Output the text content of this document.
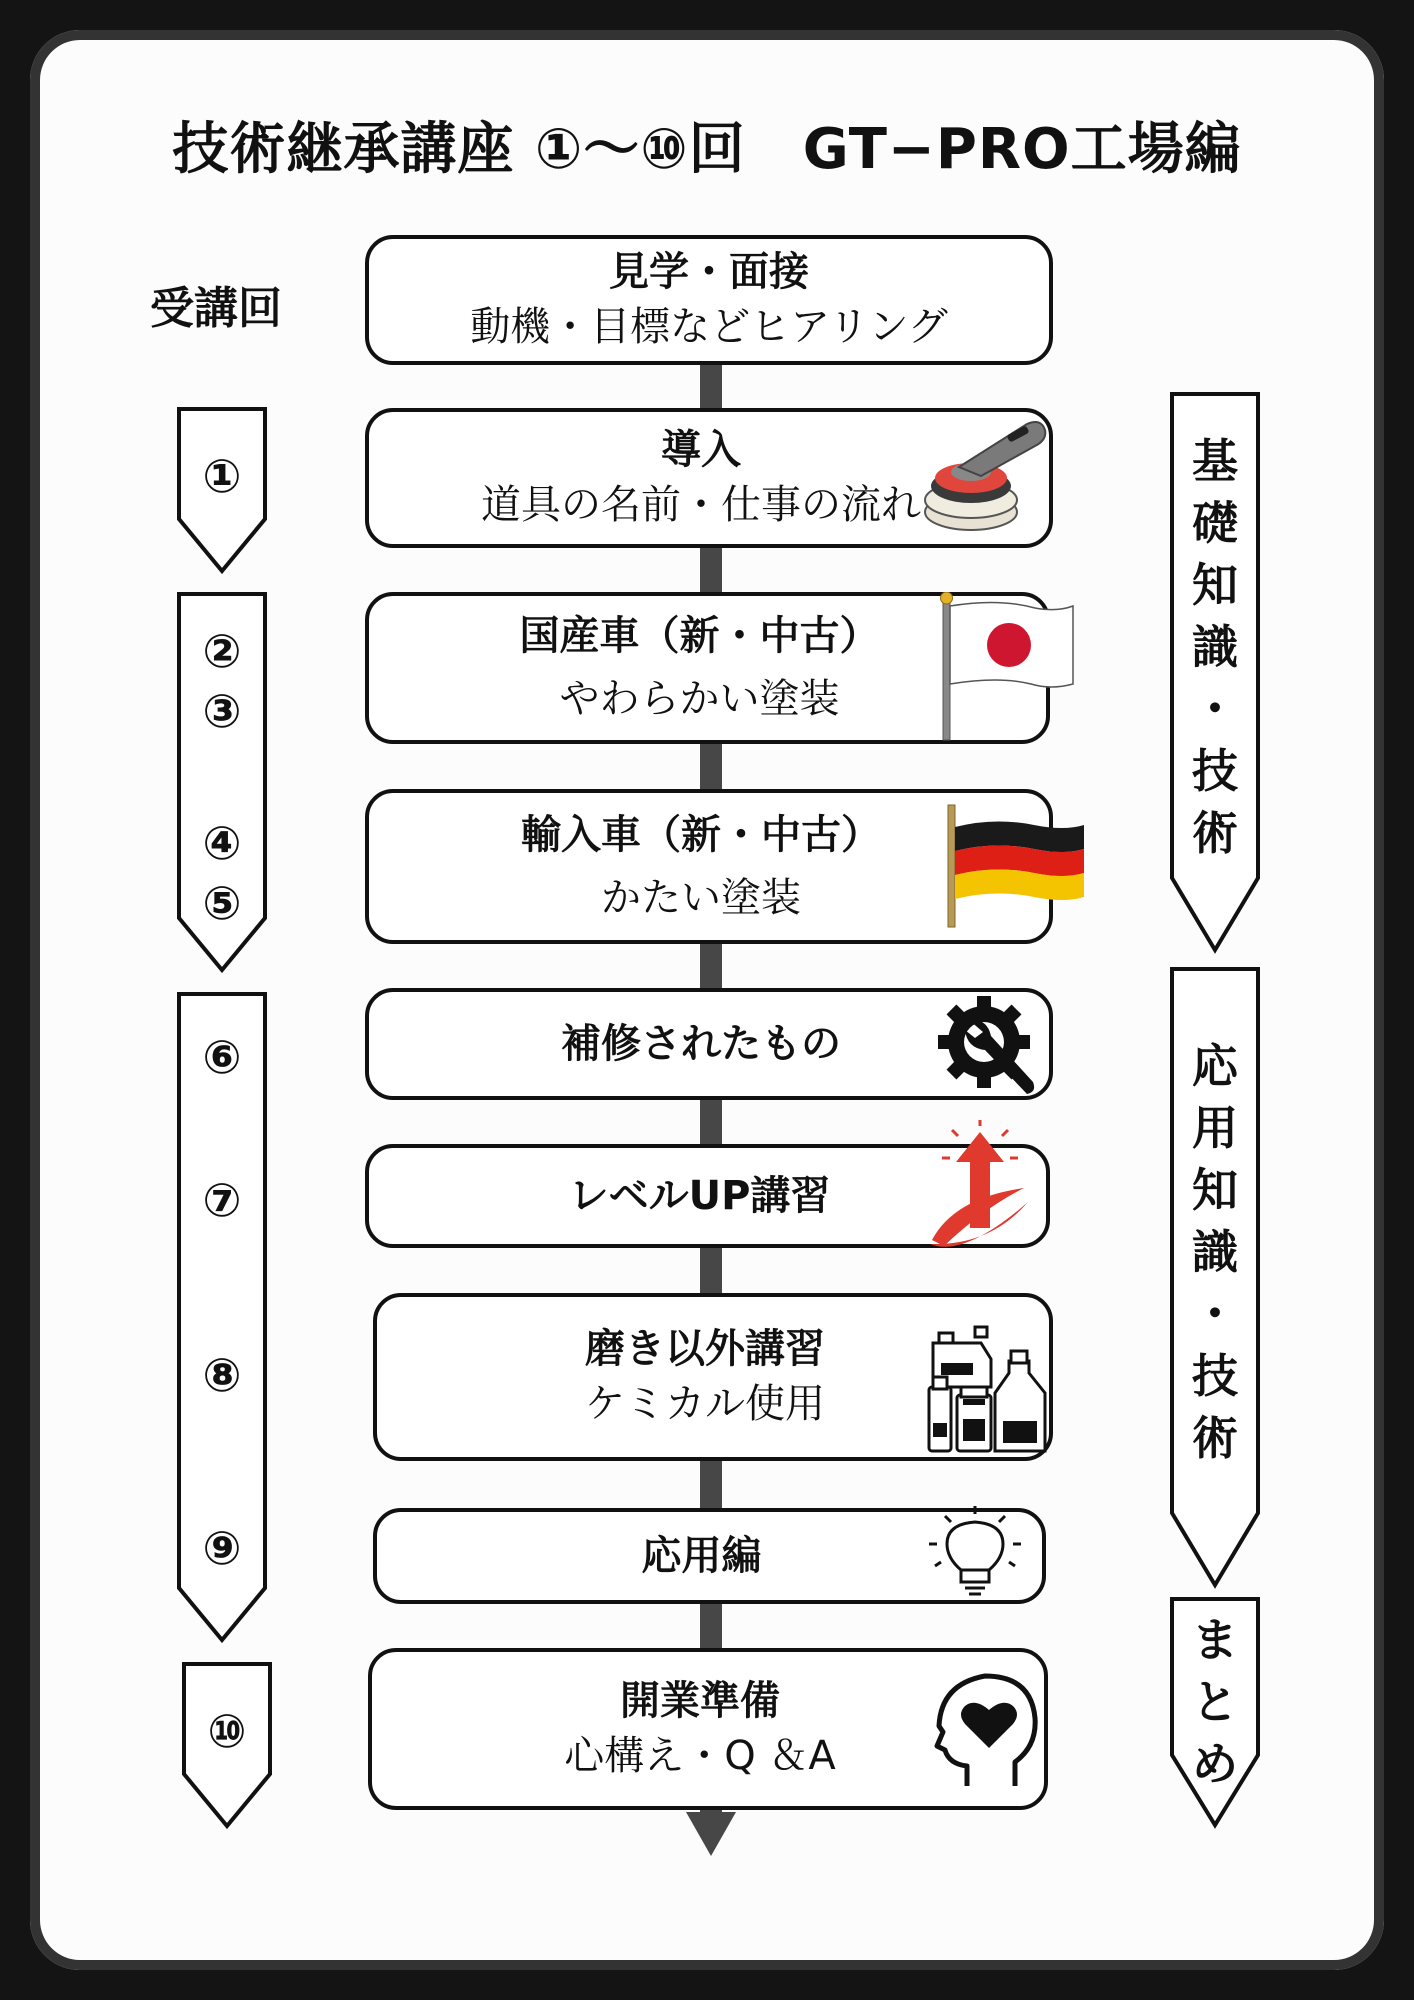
技術継承講座 ①〜⑩回　GT−PRO工場編
受講回
見学・面接
動機・目標などヒアリング
導入
道具の名前・仕事の流れ
国産車（新・中古）
やわらかい塗装
輸入車（新・中古）
かたい塗装
補修されたもの
レベルUP講習
磨き以外講習
ケミカル使用
応用編
開業準備
心構え・Q ＆A
①
②
③
④
⑤
⑥
⑦
⑧
⑨
⑩
基
礎
知
識
・
技
術
応
用
知
識
・
技
術
ま
と
め
